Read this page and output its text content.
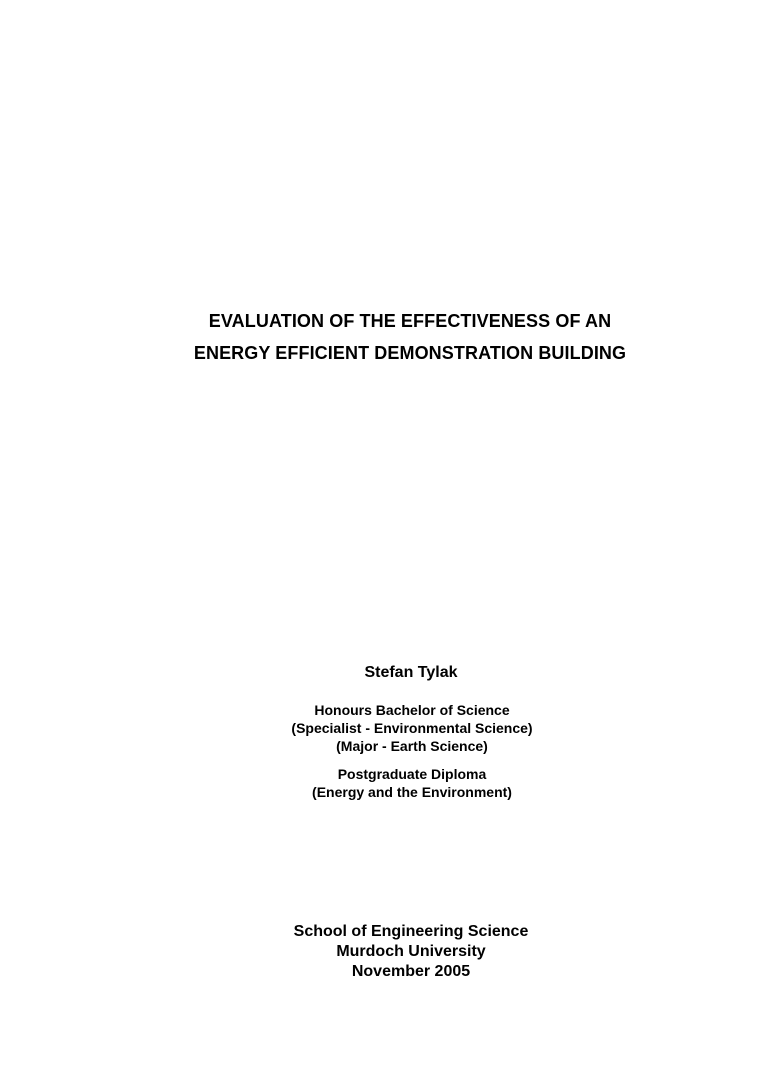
EVALUATION OF THE EFFECTIVENESS OF AN
ENERGY EFFICIENT DEMONSTRATION BUILDING
Stefan Tylak
Honours Bachelor of Science
(Specialist - Environmental Science)
(Major - Earth Science)
Postgraduate Diploma
(Energy and the Environment)
School of Engineering Science
Murdoch University
November 2005
